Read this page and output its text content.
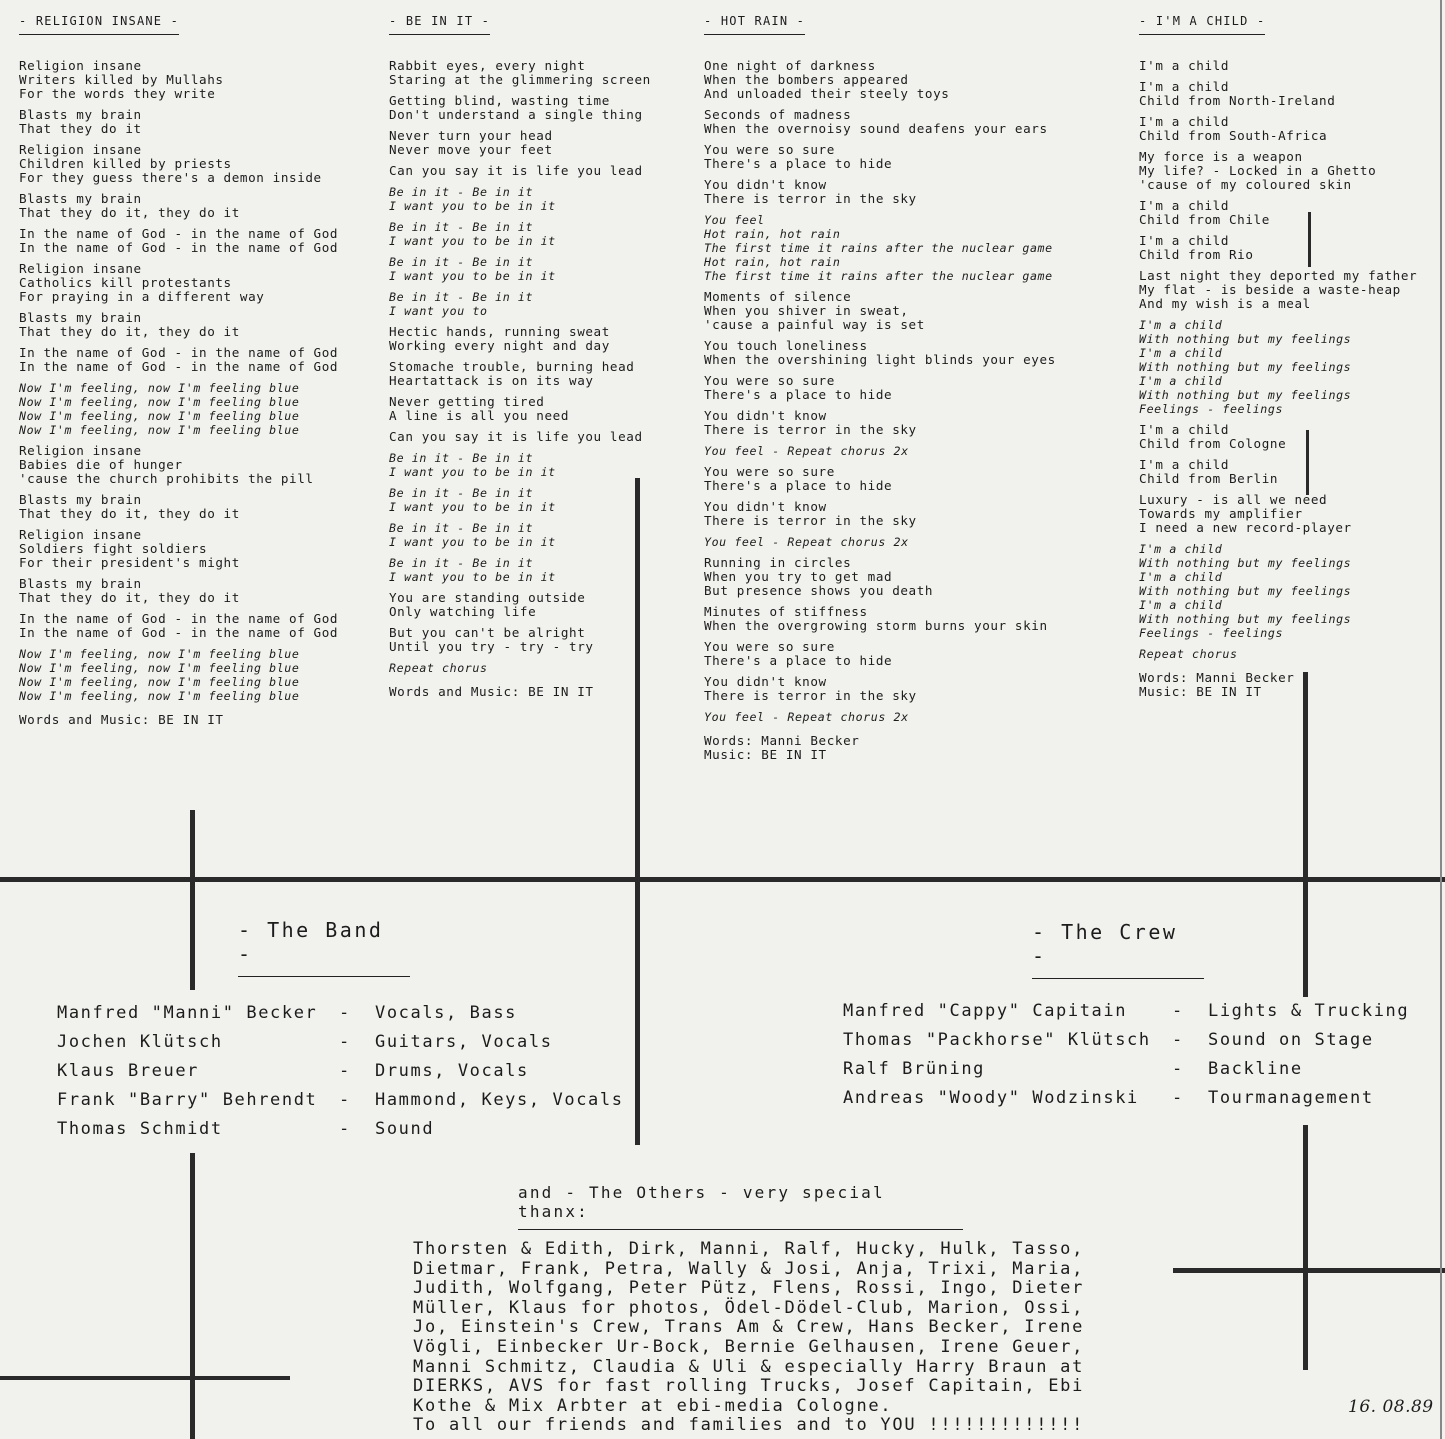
- RELIGION INSANE -
Religion insane
Writers killed by Mullahs
For the words they write
Blasts my brain
That they do it
Religion insane
Children killed by priests
For they guess there's a demon inside
Blasts my brain
That they do it, they do it
In the name of God - in the name of God
In the name of God - in the name of God
Religion insane
Catholics kill protestants
For praying in a different way
Blasts my brain
That they do it, they do it
In the name of God - in the name of God
In the name of God - in the name of God
Now I'm feeling, now I'm feeling blue
Now I'm feeling, now I'm feeling blue
Now I'm feeling, now I'm feeling blue
Now I'm feeling, now I'm feeling blue
Religion insane
Babies die of hunger
'cause the church prohibits the pill
Blasts my brain
That they do it, they do it
Religion insane
Soldiers fight soldiers
For their president's might
Blasts my brain
That they do it, they do it
In the name of God - in the name of God
In the name of God - in the name of God
Now I'm feeling, now I'm feeling blue
Now I'm feeling, now I'm feeling blue
Now I'm feeling, now I'm feeling blue
Now I'm feeling, now I'm feeling blue
Words and Music: BE IN IT
- BE IN IT -
Rabbit eyes, every night
Staring at the glimmering screen
Getting blind, wasting time
Don't understand a single thing
Never turn your head
Never move your feet
Can you say it is life you lead
Be in it - Be in it
I want you to be in it
Be in it - Be in it
I want you to be in it
Be in it - Be in it
I want you to be in it
Be in it - Be in it
I want you to
Hectic hands, running sweat
Working every night and day
Stomache trouble, burning head
Heartattack is on its way
Never getting tired
A line is all you need
Can you say it is life you lead
Be in it - Be in it
I want you to be in it
Be in it - Be in it
I want you to be in it
Be in it - Be in it
I want you to be in it
Be in it - Be in it
I want you to be in it
You are standing outside
Only watching life
But you can't be alright
Until you try - try - try
Repeat chorus
Words and Music: BE IN IT
- HOT RAIN -
One night of darkness
When the bombers appeared
And unloaded their steely toys
Seconds of madness
When the overnoisy sound deafens your ears
You were so sure
There's a place to hide
You didn't know
There is terror in the sky
You feel
Hot rain, hot rain
The first time it rains after the nuclear game
Hot rain, hot rain
The first time it rains after the nuclear game
Moments of silence
When you shiver in sweat,
'cause a painful way is set
You touch loneliness
When the overshining light blinds your eyes
You were so sure
There's a place to hide
You didn't know
There is terror in the sky
You feel - Repeat chorus 2x
You were so sure
There's a place to hide
You didn't know
There is terror in the sky
You feel - Repeat chorus 2x
Running in circles
When you try to get mad
But presence shows you death
Minutes of stiffness
When the overgrowing storm burns your skin
You were so sure
There's a place to hide
You didn't know
There is terror in the sky
You feel - Repeat chorus 2x
Words: Manni Becker
Music: BE IN IT
- I'M A CHILD -
I'm a child
I'm a child
Child from North-Ireland
I'm a child
Child from South-Africa
My force is a weapon
My life? - Locked in a Ghetto
'cause of my coloured skin
I'm a child
Child from Chile
I'm a child
Child from Rio
Last night they deported my father
My flat - is beside a waste-heap
And my wish is a meal
I'm a child
With nothing but my feelings
I'm a child
With nothing but my feelings
I'm a child
With nothing but my feelings
Feelings - feelings
I'm a child
Child from Cologne
I'm a child
Child from Berlin
Luxury - is all we need
Towards my amplifier
I need a new record-player
I'm a child
With nothing but my feelings
I'm a child
With nothing but my feelings
I'm a child
With nothing but my feelings
Feelings - feelings
Repeat chorus
Words: Manni Becker
Music: BE IN IT
- The Band -
Manfred "Manni" Becker - Vocals, Bass
Jochen Klütsch	- Guitars, Vocals
Klaus Breuer	- Drums, Vocals
Frank "Barry" Behrendt - Hammond, Keys, Vocals
Thomas Schmidt	- Sound
- The Crew -
Manfred "Cappy" Capitain	- Lights & Trucking
Thomas "Packhorse" Klütsch - Sound on Stage
Ralf Brüning	- Backline
Andreas "Woody" Wodzinski - Tourmanagement
and - The Others - very special thanx:
Thorsten & Edith, Dirk, Manni, Ralf, Hucky, Hulk, Tasso,
Dietmar, Frank, Petra, Wally & Josi, Anja, Trixi, Maria,
Judith, Wolfgang, Peter Pütz, Flens, Rossi, Ingo, Dieter
Müller, Klaus for photos, Ödel-Dödel-Club, Marion, Ossi,
Jo, Einstein's Crew, Trans Am & Crew, Hans Becker, Irene
Vögli, Einbecker Ur-Bock, Bernie Gelhausen, Irene Geuer,
Manni Schmitz, Claudia & Uli & especially Harry Braun at
DIERKS, AVS for fast rolling Trucks, Josef Capitain, Ebi
Kothe & Mix Arbter at ebi-media Cologne.
To all our friends and families and to YOU !!!!!!!!!!!!!
16. 08.89
